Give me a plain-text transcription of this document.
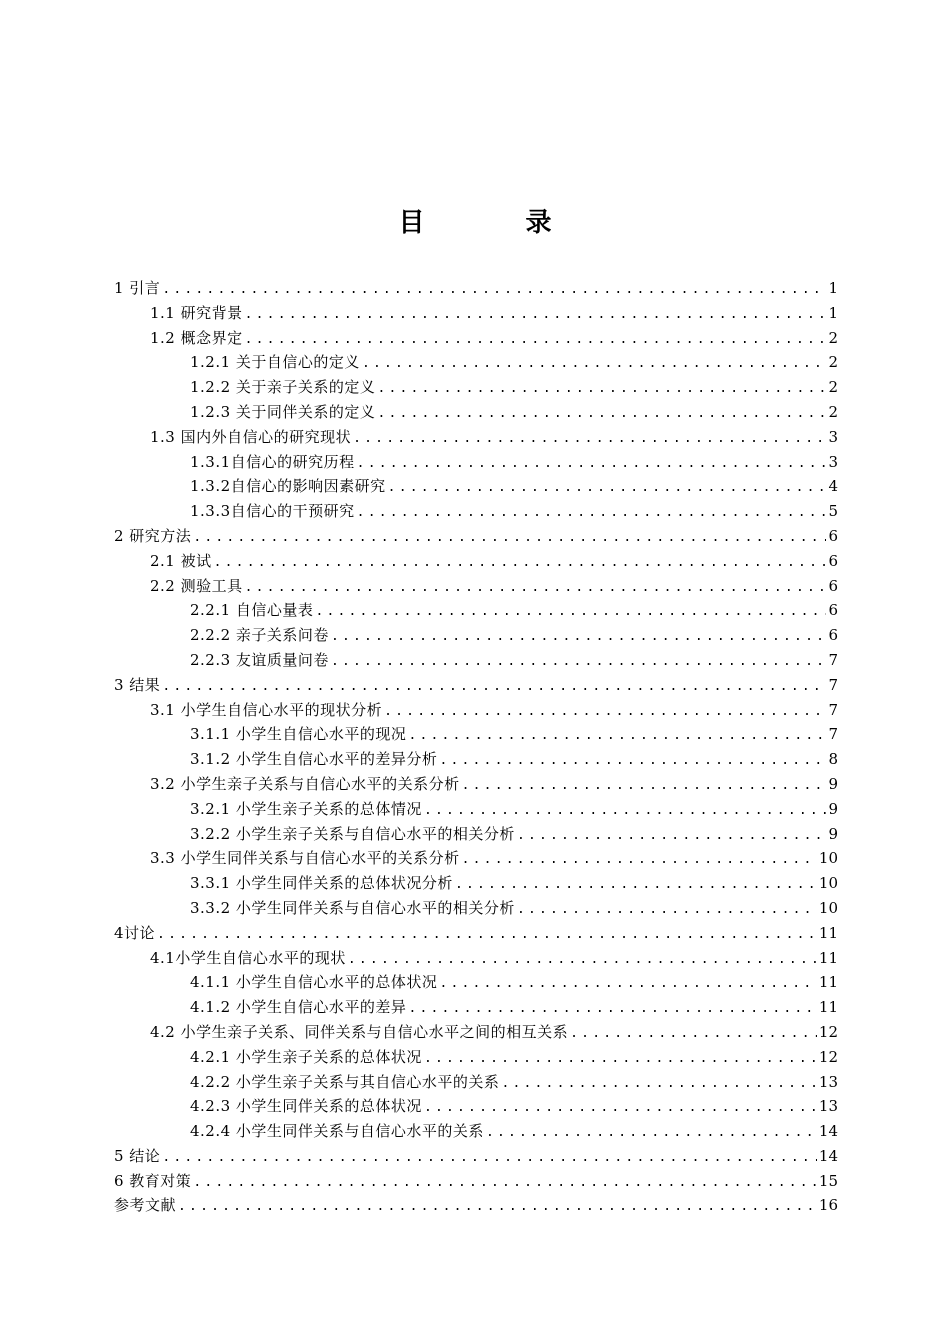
目 录
1 引言 .....	1
1.1 研究背景 .....	1
1.2 概念界定 .....	2
1.2.1 关于自信心的定义 .....	2
1.2.2 关于亲子关系的定义 .....	2
1.2.3 关于同伴关系的定义 .....	2
1.3 国内外自信心的研究现状 .....	3
1.3.1自信心的研究历程 .....	3
1.3.2自信心的影响因素研究 .....	4
1.3.3自信心的干预研究 .....	5
2 研究方法 .....	6
2.1 被试 .....	6
2.2 测验工具 .....	6
2.2.1 自信心量表 .....	6
2.2.2 亲子关系问卷 .....	6
2.2.3 友谊质量问卷 .....	7
3 结果 .....	7
3.1 小学生自信心水平的现状分析 .....	7
3.1.1 小学生自信心水平的现况 .....	7
3.1.2 小学生自信心水平的差异分析 .....	8
3.2 小学生亲子关系与自信心水平的关系分析 .....	9
3.2.1 小学生亲子关系的总体情况 .....	9
3.2.2 小学生亲子关系与自信心水平的相关分析 .....	9
3.3 小学生同伴关系与自信心水平的关系分析 .....	10
3.3.1 小学生同伴关系的总体状况分析 .....	10
3.3.2 小学生同伴关系与自信心水平的相关分析 .....	10
4讨论 .....	11
4.1小学生自信心水平的现状 .....	11
4.1.1 小学生自信心水平的总体状况 .....	11
4.1.2 小学生自信心水平的差异 .....	11
4.2 小学生亲子关系、同伴关系与自信心水平之间的相互关系 .....	12
4.2.1 小学生亲子关系的总体状况 .....	12
4.2.2 小学生亲子关系与其自信心水平的关系 .....	13
4.2.3 小学生同伴关系的总体状况 .....	13
4.2.4 小学生同伴关系与自信心水平的关系 .....	14
5 结论 .....	14
6 教育对策 .....	15
参考文献 .....	16
